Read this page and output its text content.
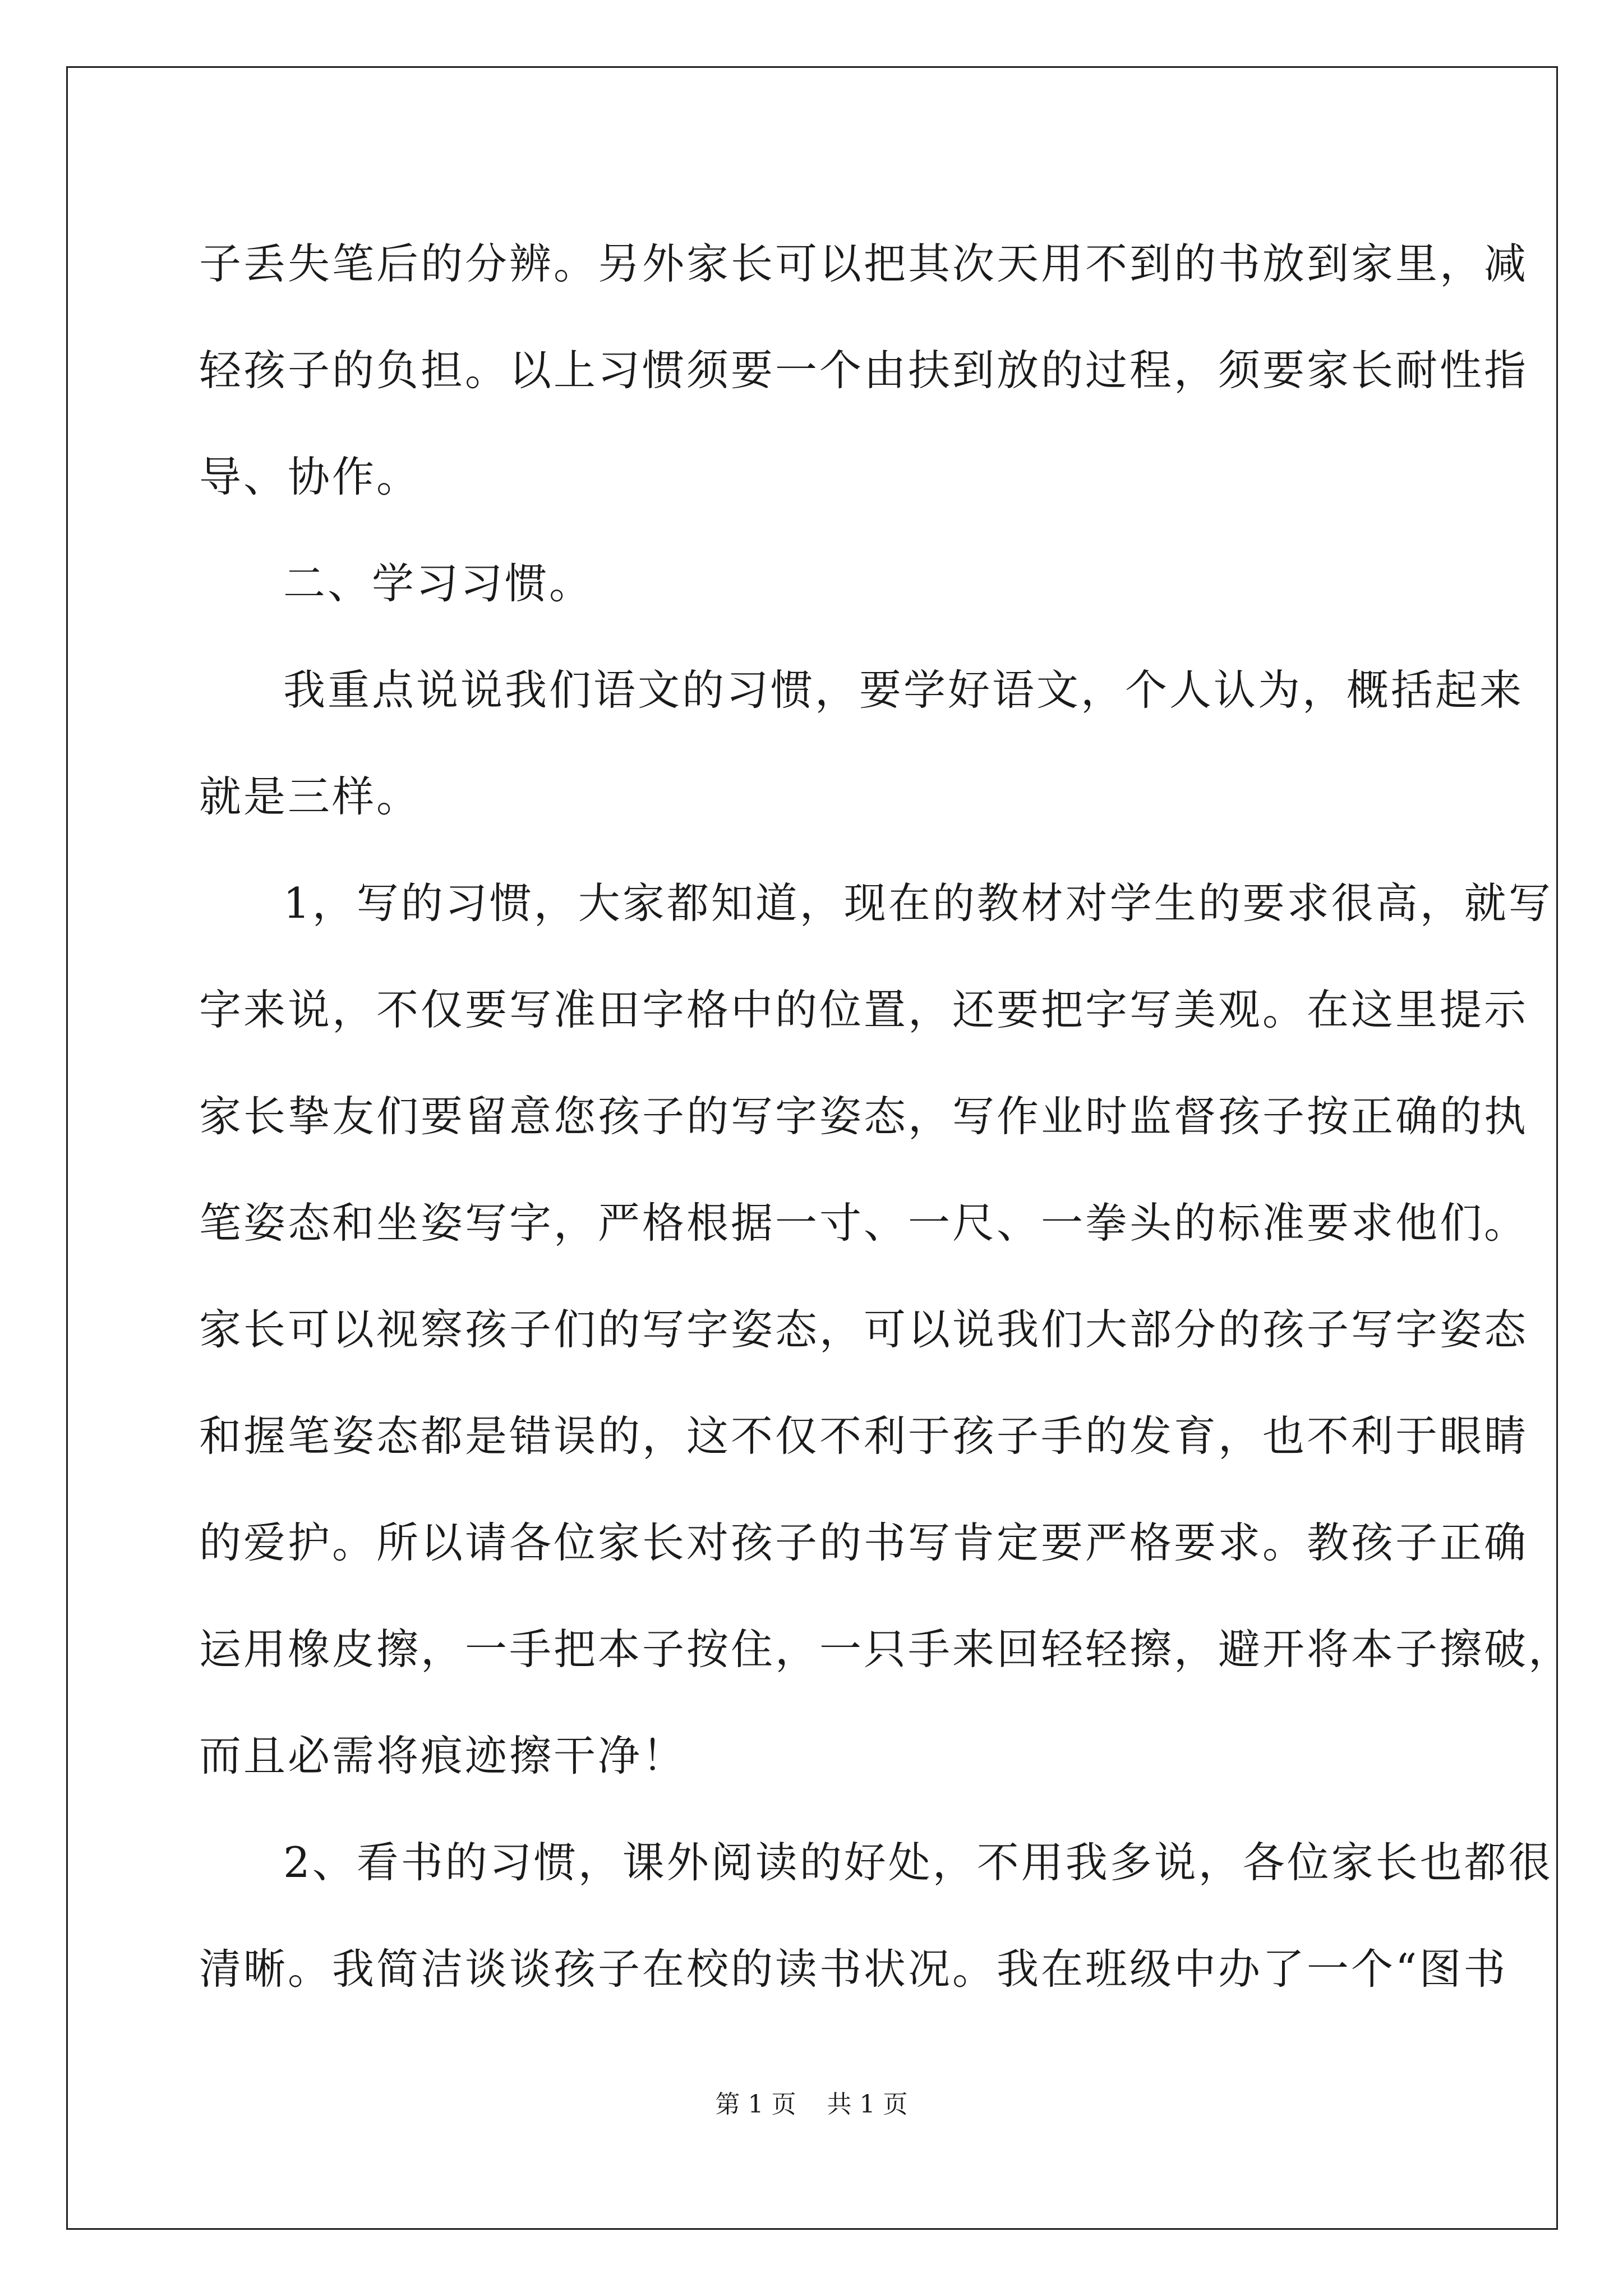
子丢失笔后的分辨。另外家长可以把其次天用不到的书放到家里，减
轻孩子的负担。以上习惯须要一个由扶到放的过程，须要家长耐性指
导、协作。
二、学习习惯。
我重点说说我们语文的习惯，要学好语文，个人认为，概括起来
就是三样。
1，写的习惯，大家都知道，现在的教材对学生的要求很高，就写
字来说，不仅要写准田字格中的位置，还要把字写美观。在这里提示
家长挚友们要留意您孩子的写字姿态，写作业时监督孩子按正确的执
笔姿态和坐姿写字，严格根据一寸、一尺、一拳头的标准要求他们。
家长可以视察孩子们的写字姿态，可以说我们大部分的孩子写字姿态
和握笔姿态都是错误的，这不仅不利于孩子手的发育，也不利于眼睛
的爱护。所以请各位家长对孩子的书写肯定要严格要求。教孩子正确
运用橡皮擦，一手把本子按住，一只手来回轻轻擦，避开将本子擦破，
而且必需将痕迹擦干净！
2、看书的习惯，课外阅读的好处，不用我多说，各位家长也都很
清晰。我简洁谈谈孩子在校的读书状况。我在班级中办了一个“图书
第 1 页 共 1 页
